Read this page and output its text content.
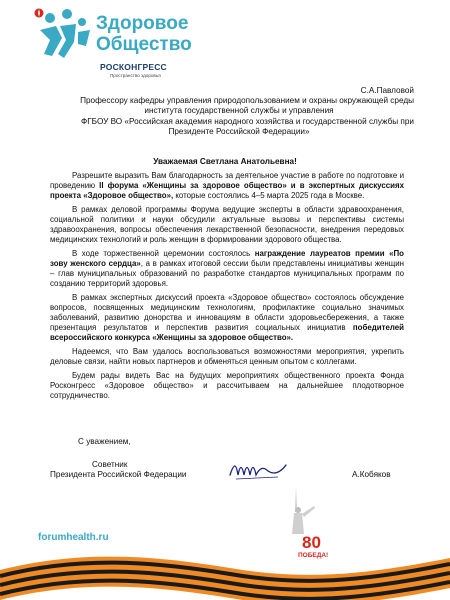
Здоровое
Общество
РОСКОНГРЕСС
Пространство здоровья
С.А.Павловой
Профессору кафедры управления природопользованием и охраны окружающей среды
института государственной службы и управления
ФГБОУ ВО «Российская академия народного хозяйства и государственной службы при
Президенте Российской Федерации»
Уважаемая Светлана Анатольевна!

Разрешите выразить Вам благодарность за деятельное участие в работе по подготовке и проведению II форума «Женщины за здоровое общество» и в экспертных дискуссиях проекта «Здоровое общество», которые состоялись 4–5 марта 2025 года в Москве.

В рамках деловой программы Форума ведущие эксперты в области здравоохранения, социальной политики и науки обсудили актуальные вызовы и перспективы системы здравоохранения, вопросы обеспечения лекарственной безопасности, внедрения передовых медицинских технологий и роль женщин в формировании здорового общества.

В ходе торжественной церемонии состоялось награждение лауреатов премии «По зову женского сердца», а в рамках итоговой сессии были представлены инициативы женщин – глав муниципальных образований по разработке стандартов муниципальных программ по созданию территорий здоровья.

В рамках экспертных дискуссий проекта «Здоровое общество» состоялось обсуждение вопросов, посвященных медицинским технологиям, профилактике социально значимых заболеваний, развитию донорства и инновациям в области здоровьесбережения, а также презентация результатов и перспектив развития социальных инициатив победителей всероссийского конкурса «Женщины за здоровое общество».

Надеемся, что Вам удалось воспользоваться возможностями мероприятия, укрепить деловые связи, найти новых партнеров и обменяться ценным опытом с коллегами.

Будем рады видеть Вас на будущих мероприятиях общественного проекта Фонда Росконгресс «Здоровое общество» и рассчитываем на дальнейшее плодотворное сотрудничество.

С уважением,
Советник
Президента Российской Федерации	А.Кобяков
80
ПОБЕДА!
forumhealth.ru
